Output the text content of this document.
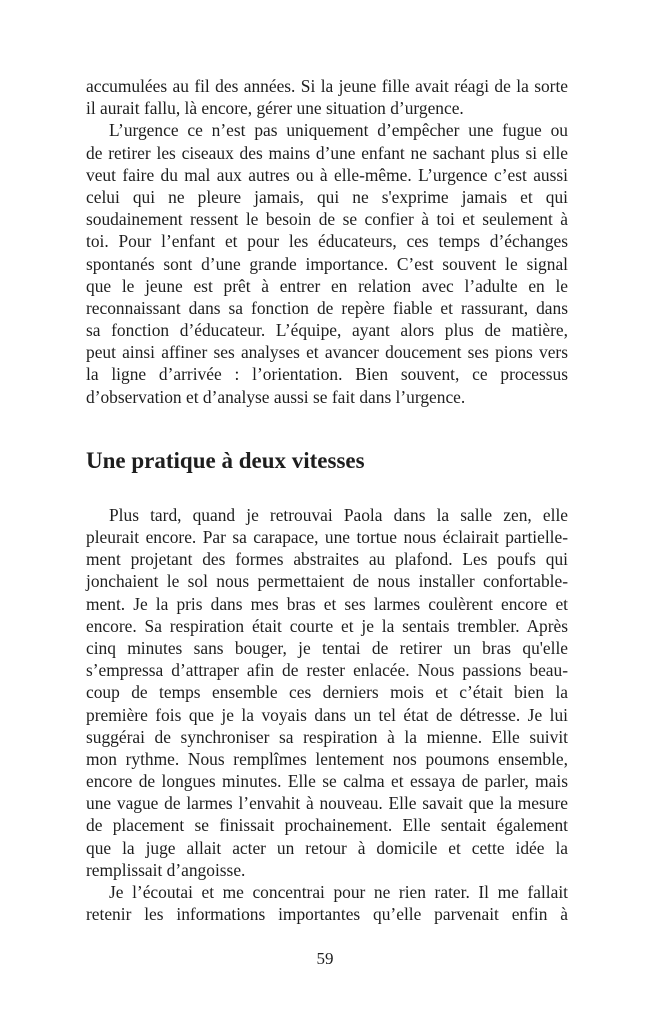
accumulées au fil des années. Si la jeune fille avait réagi de la sorte
il aurait fallu, là encore, gérer une situation d’urgence.
L’urgence ce n’est pas uniquement d’empêcher une fugue ou
de retirer les ciseaux des mains d’une enfant ne sachant plus si elle
veut faire du mal aux autres ou à elle-même. L’urgence c’est aussi
celui qui ne pleure jamais, qui ne s'exprime jamais et qui
soudainement ressent le besoin de se confier à toi et seulement à
toi. Pour l’enfant et pour les éducateurs, ces temps d’échanges
spontanés sont d’une grande importance. C’est souvent le signal
que le jeune est prêt à entrer en relation avec l’adulte en le
reconnaissant dans sa fonction de repère fiable et rassurant, dans
sa fonction d’éducateur. L’équipe, ayant alors plus de matière,
peut ainsi affiner ses analyses et avancer doucement ses pions vers
la ligne d’arrivée : l’orientation. Bien souvent, ce processus
d’observation et d’analyse aussi se fait dans l’urgence.
Une pratique à deux vitesses
Plus tard, quand je retrouvai Paola dans la salle zen, elle
pleurait encore. Par sa carapace, une tortue nous éclairait partielle-
ment projetant des formes abstraites au plafond. Les poufs qui
jonchaient le sol nous permettaient de nous installer confortable-
ment. Je la pris dans mes bras et ses larmes coulèrent encore et
encore. Sa respiration était courte et je la sentais trembler. Après
cinq minutes sans bouger, je tentai de retirer un bras qu'elle
s’empressa d’attraper afin de rester enlacée. Nous passions beau-
coup de temps ensemble ces derniers mois et c’était bien la
première fois que je la voyais dans un tel état de détresse. Je lui
suggérai de synchroniser sa respiration à la mienne. Elle suivit
mon rythme. Nous remplîmes lentement nos poumons ensemble,
encore de longues minutes. Elle se calma et essaya de parler, mais
une vague de larmes l’envahit à nouveau. Elle savait que la mesure
de placement se finissait prochainement. Elle sentait également
que la juge allait acter un retour à domicile et cette idée la
remplissait d’angoisse.
Je l’écoutai et me concentrai pour ne rien rater. Il me fallait
retenir les informations importantes qu’elle parvenait enfin à
59
